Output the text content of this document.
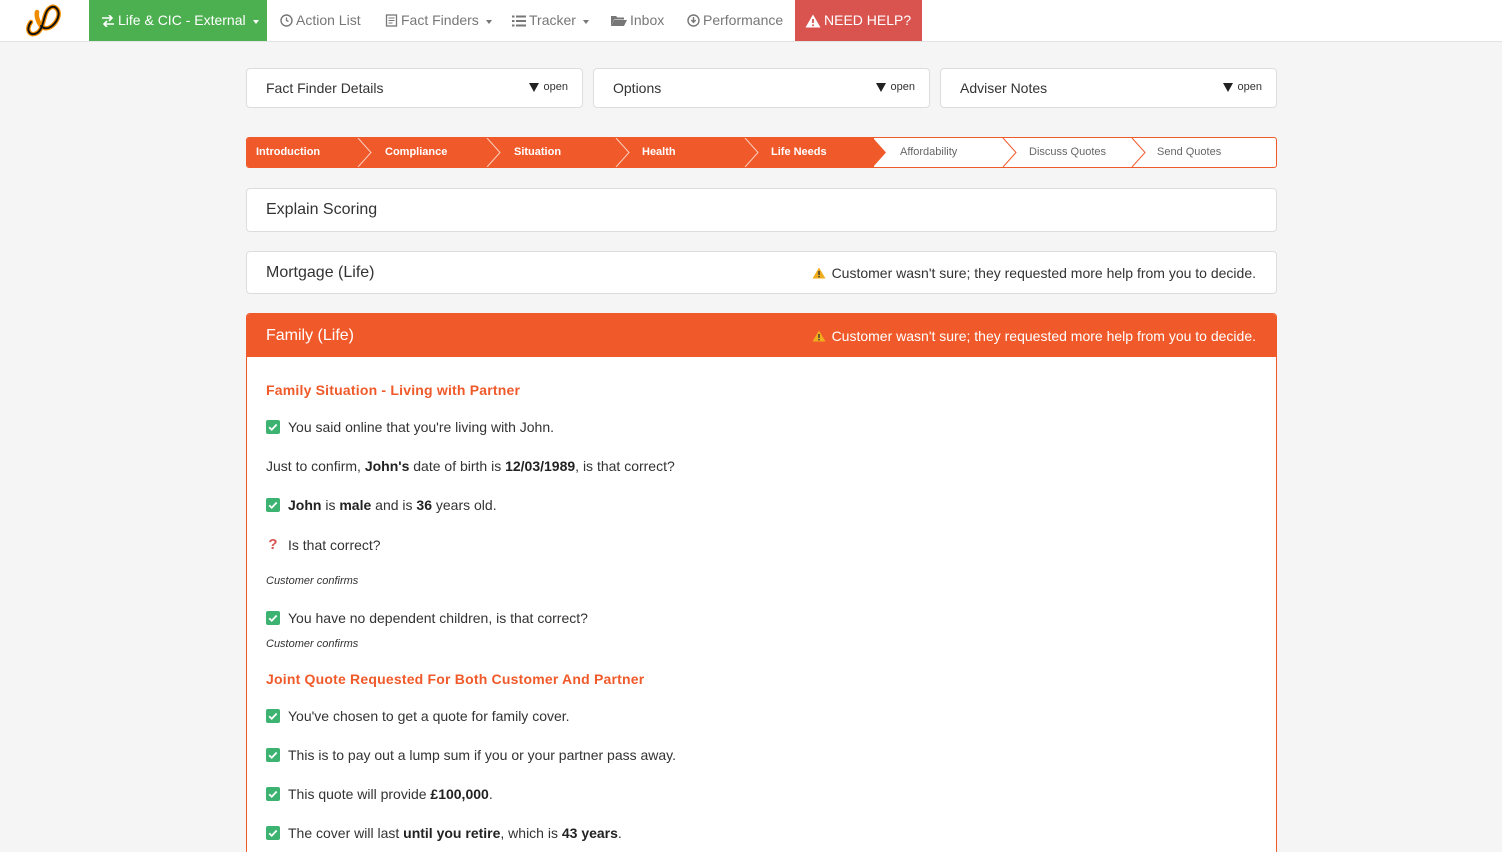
Life & CIC - External	Action List	Fact Finders	Tracker	Inbox	Performance	NEED HELP?
Fact Finder Details	open	Options	open	Adviser Notes	open
Introduction	Compliance	Situation	Health	Life Needs	Affordability	Discuss Quotes	Send Quotes
Explain Scoring
Mortgage (Life)	Customer wasn't sure; they requested more help from you to decide.
Family (Life)	Customer wasn't sure; they requested more help from you to decide.
Family Situation - Living with Partner
You said online that you're living with John.
Just to confirm,
John's
date of birth is
12/03/1989 , is that correct?
John
is
male
and is
36
years old.
? Is that correct?
Customer confirms
You have no dependent children, is that correct?
Customer confirms
Joint Quote Requested For Both Customer And Partner
You've chosen to get a quote for family cover.
This is to pay out a lump sum if you or your partner pass away.
This quote will provide
£100,000 .
The cover will last
until you retire , which is
43 years .
